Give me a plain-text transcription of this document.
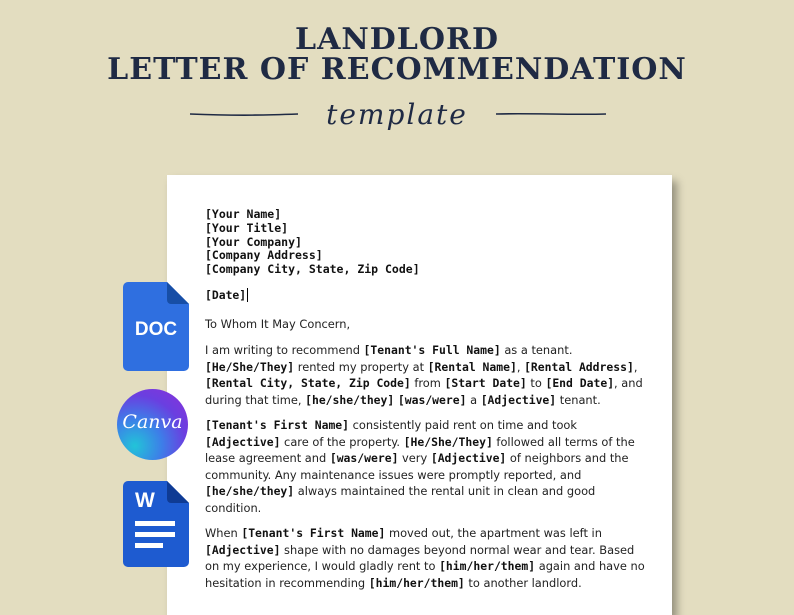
LANDLORD
LETTER OF RECOMMENDATION
template
DOC
Canva
W
[Your Name]
[Your Title]
[Your Company]
[Company Address]
[Company City, State, Zip Code]

[Date]

To Whom It May Concern,

I am writing to recommend [Tenant's Full Name] as a tenant. [He/She/They] rented my property at [Rental Name], [Rental Address], [Rental City, State, Zip Code] from [Start Date] to [End Date], and during that time, [he/she/they] [was/were] a [Adjective] tenant.

[Tenant's First Name] consistently paid rent on time and took [Adjective] care of the property. [He/She/They] followed all terms of the lease agreement and [was/were] very [Adjective] of neighbors and the community. Any maintenance issues were promptly reported, and [he/she/they] always maintained the rental unit in clean and good condition.

When [Tenant's First Name] moved out, the apartment was left in [Adjective] shape with no damages beyond normal wear and tear. Based on my experience, I would gladly rent to [him/her/them] again and have no hesitation in recommending [him/her/them] to another landlord.
